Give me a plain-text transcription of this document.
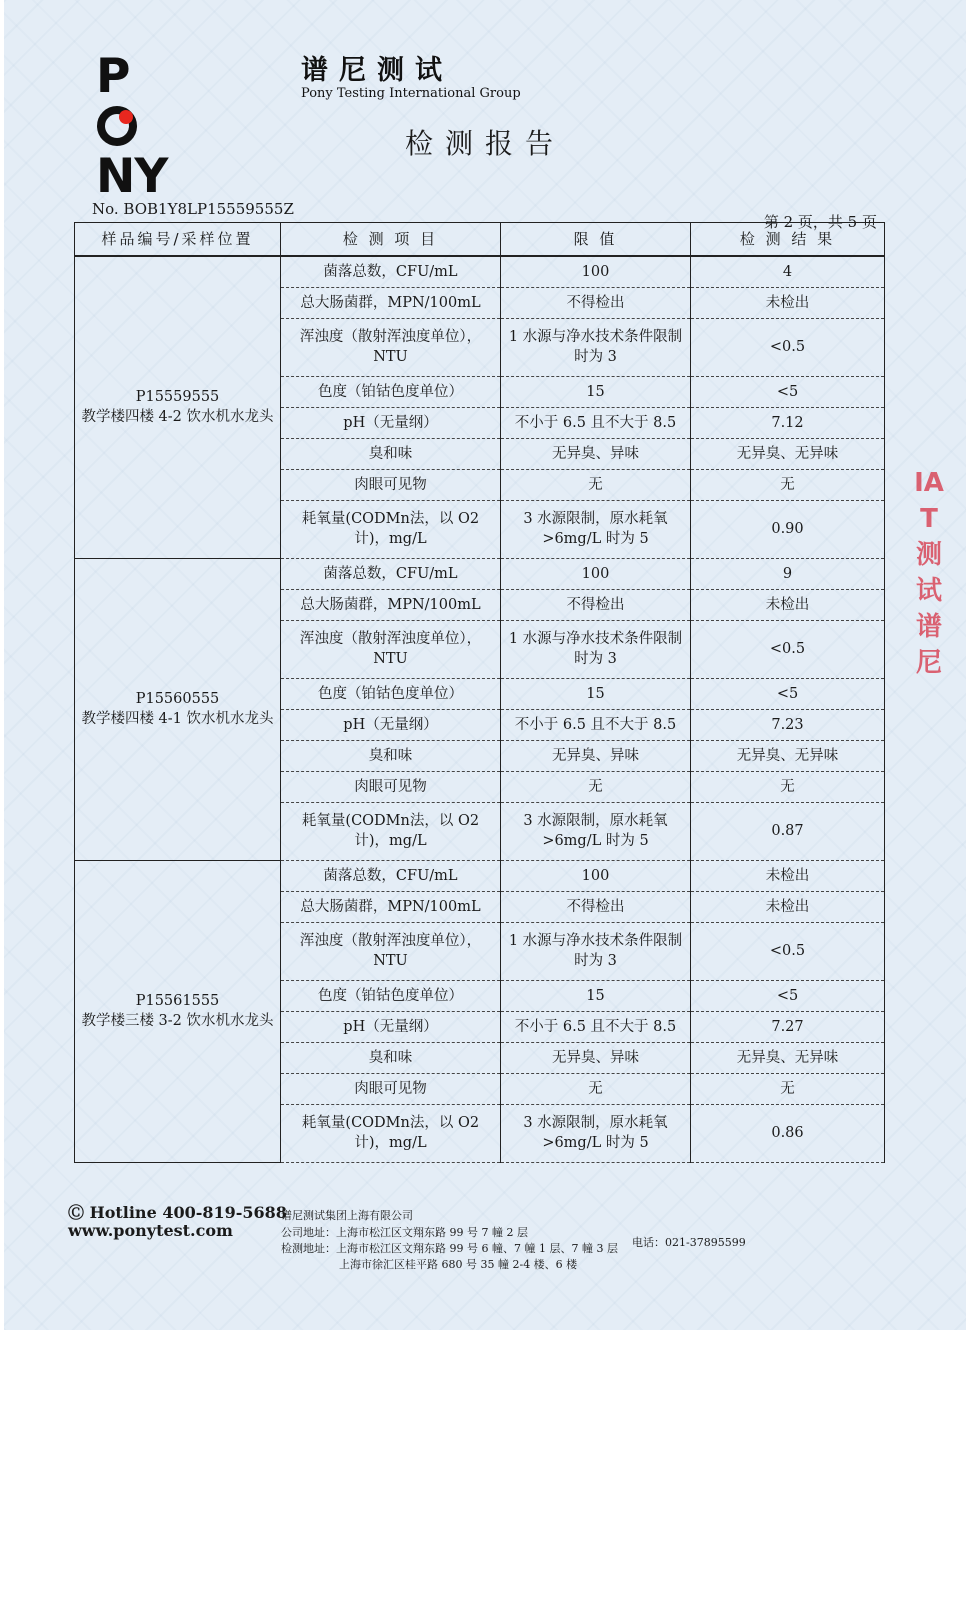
PNY
谱尼测试
Pony Testing International Group
检测报告
No. BOB1Y8LP15559555Z
第 2 页，共 5 页
IAT测试谱尼
样品编号/采样位置	检 测 项 目	限 值	检 测 结 果

P15559555
教学楼四楼 4-2 饮水机水龙头	菌落总数，CFU/mL	100	4
	总大肠菌群，MPN/100mL	不得检出	未检出
	浑浊度（散射浑浊度单位），NTU	1 水源与净水技术条件限制时为 3	<0.5
	色度（铂钴色度单位）	15	<5
	pH（无量纲）	不小于 6.5 且不大于 8.5	7.12
	臭和味	无异臭、异味	无异臭、无异味
	肉眼可见物	无	无
	耗氧量(CODMn法，以 O2 计)，mg/L	3 水源限制，原水耗氧 >6mg/L 时为 5	0.90

P15560555
教学楼四楼 4-1 饮水机水龙头	菌落总数，CFU/mL	100	9
	总大肠菌群，MPN/100mL	不得检出	未检出
	浑浊度（散射浑浊度单位），NTU	1 水源与净水技术条件限制时为 3	<0.5
	色度（铂钴色度单位）	15	<5
	pH（无量纲）	不小于 6.5 且不大于 8.5	7.23
	臭和味	无异臭、异味	无异臭、无异味
	肉眼可见物	无	无
	耗氧量(CODMn法，以 O2 计)，mg/L	3 水源限制，原水耗氧 >6mg/L 时为 5	0.87

P15561555
教学楼三楼 3-2 饮水机水龙头	菌落总数，CFU/mL	100	未检出
	总大肠菌群，MPN/100mL	不得检出	未检出
	浑浊度（散射浑浊度单位），NTU	1 水源与净水技术条件限制时为 3	<0.5
	色度（铂钴色度单位）	15	<5
	pH（无量纲）	不小于 6.5 且不大于 8.5	7.27
	臭和味	无异臭、异味	无异臭、无异味
	肉眼可见物	无	无
	耗氧量(CODMn法，以 O2 计)，mg/L	3 水源限制，原水耗氧 >6mg/L 时为 5	0.86
Ⓒ Hotline 400-819-5688
www.ponytest.com
谱尼测试集团上海有限公司
公司地址：上海市松江区文翔东路 99 号 7 幢 2 层
检测地址：上海市松江区文翔东路 99 号 6 幢、7 幢 1 层、7 幢 3 层
上海市徐汇区桂平路 680 号 35 幢 2-4 楼、6 楼
电话：021-37895599
